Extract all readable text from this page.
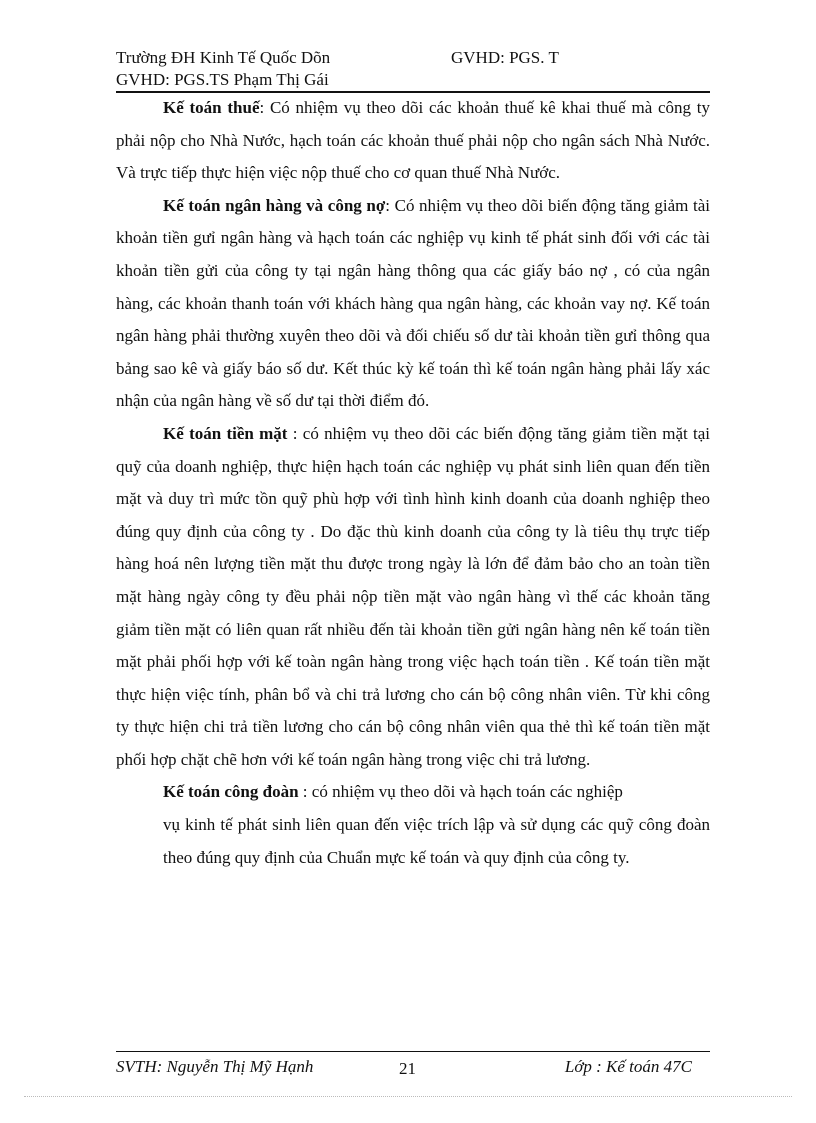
Trường ĐH Kinh Tế Quốc Dõn	GVHD: PGS. T
GVHD: PGS.TS Phạm Thị Gái

Kế toán thuế: Có nhiệm vụ theo dõi các khoản thuế kê khai thuế mà công ty phải nộp cho Nhà Nước, hạch toán các khoản thuế phải nộp cho ngân sách Nhà Nước. Và trực tiếp thực hiện việc nộp thuế cho cơ quan thuế Nhà Nước.

Kế toán ngân hàng và công nợ: Có nhiệm vụ theo dõi biến động tăng giảm tài khoản tiền gưỉ ngân hàng và hạch toán các nghiệp vụ kinh tế phát sinh đối với các tài khoản tiền gửi của công ty tại ngân hàng thông qua các giấy báo nợ , có của ngân hàng, các khoản thanh toán với khách hàng qua ngân hàng, các khoản vay nợ. Kế toán ngân hàng phải thường xuyên theo dõi và đối chiếu số dư tài khoản tiền gưỉ thông qua bảng sao kê và giấy báo số dư. Kết thúc kỳ kế toán thì kế toán ngân hàng phải lấy xác nhận của ngân hàng về số dư tại thời điểm đó.

Kế toán tiền mặt : có nhiệm vụ theo dõi các biến động tăng giảm tiền mặt tại quỹ của doanh nghiệp, thực hiện hạch toán các nghiệp vụ phát sinh liên quan đến tiền mặt và duy trì mức tồn quỹ phù hợp với tình hình kinh doanh của doanh nghiệp theo đúng quy định của công ty . Do đặc thù kinh doanh của công ty là tiêu thụ trực tiếp hàng hoá nên lượng tiền mặt thu được trong ngày là lớn để đảm bảo cho an toàn tiền mặt hàng ngày công ty đều phải nộp tiền mặt vào ngân hàng vì thế các khoản tăng giảm tiền mặt có liên quan rất nhiều đến tài khoản tiền gửi ngân hàng nên kế toán tiền mặt phải phối hợp với kế toàn ngân hàng trong việc hạch toán tiền . Kế toán tiền mặt thực hiện việc tính, phân bổ và chi trả lương cho cán bộ công nhân viên. Từ khi công ty thực hiện chi trả tiền lương cho cán bộ công nhân viên qua thẻ thì kế toán tiền mặt phối hợp chặt chẽ hơn với kế toán ngân hàng trong việc chi trả lương.

Kế toán công đoàn : có nhiệm vụ theo dõi và hạch toán các nghiệp

vụ kinh tế phát sinh liên quan đến việc trích lập và sử dụng các quỹ công đoàn theo đúng quy định của Chuẩn mực kế toán và quy định của công ty.

SVTH: Nguyễn Thị Mỹ Hạnh	21	Lớp : Kế toán 47C
